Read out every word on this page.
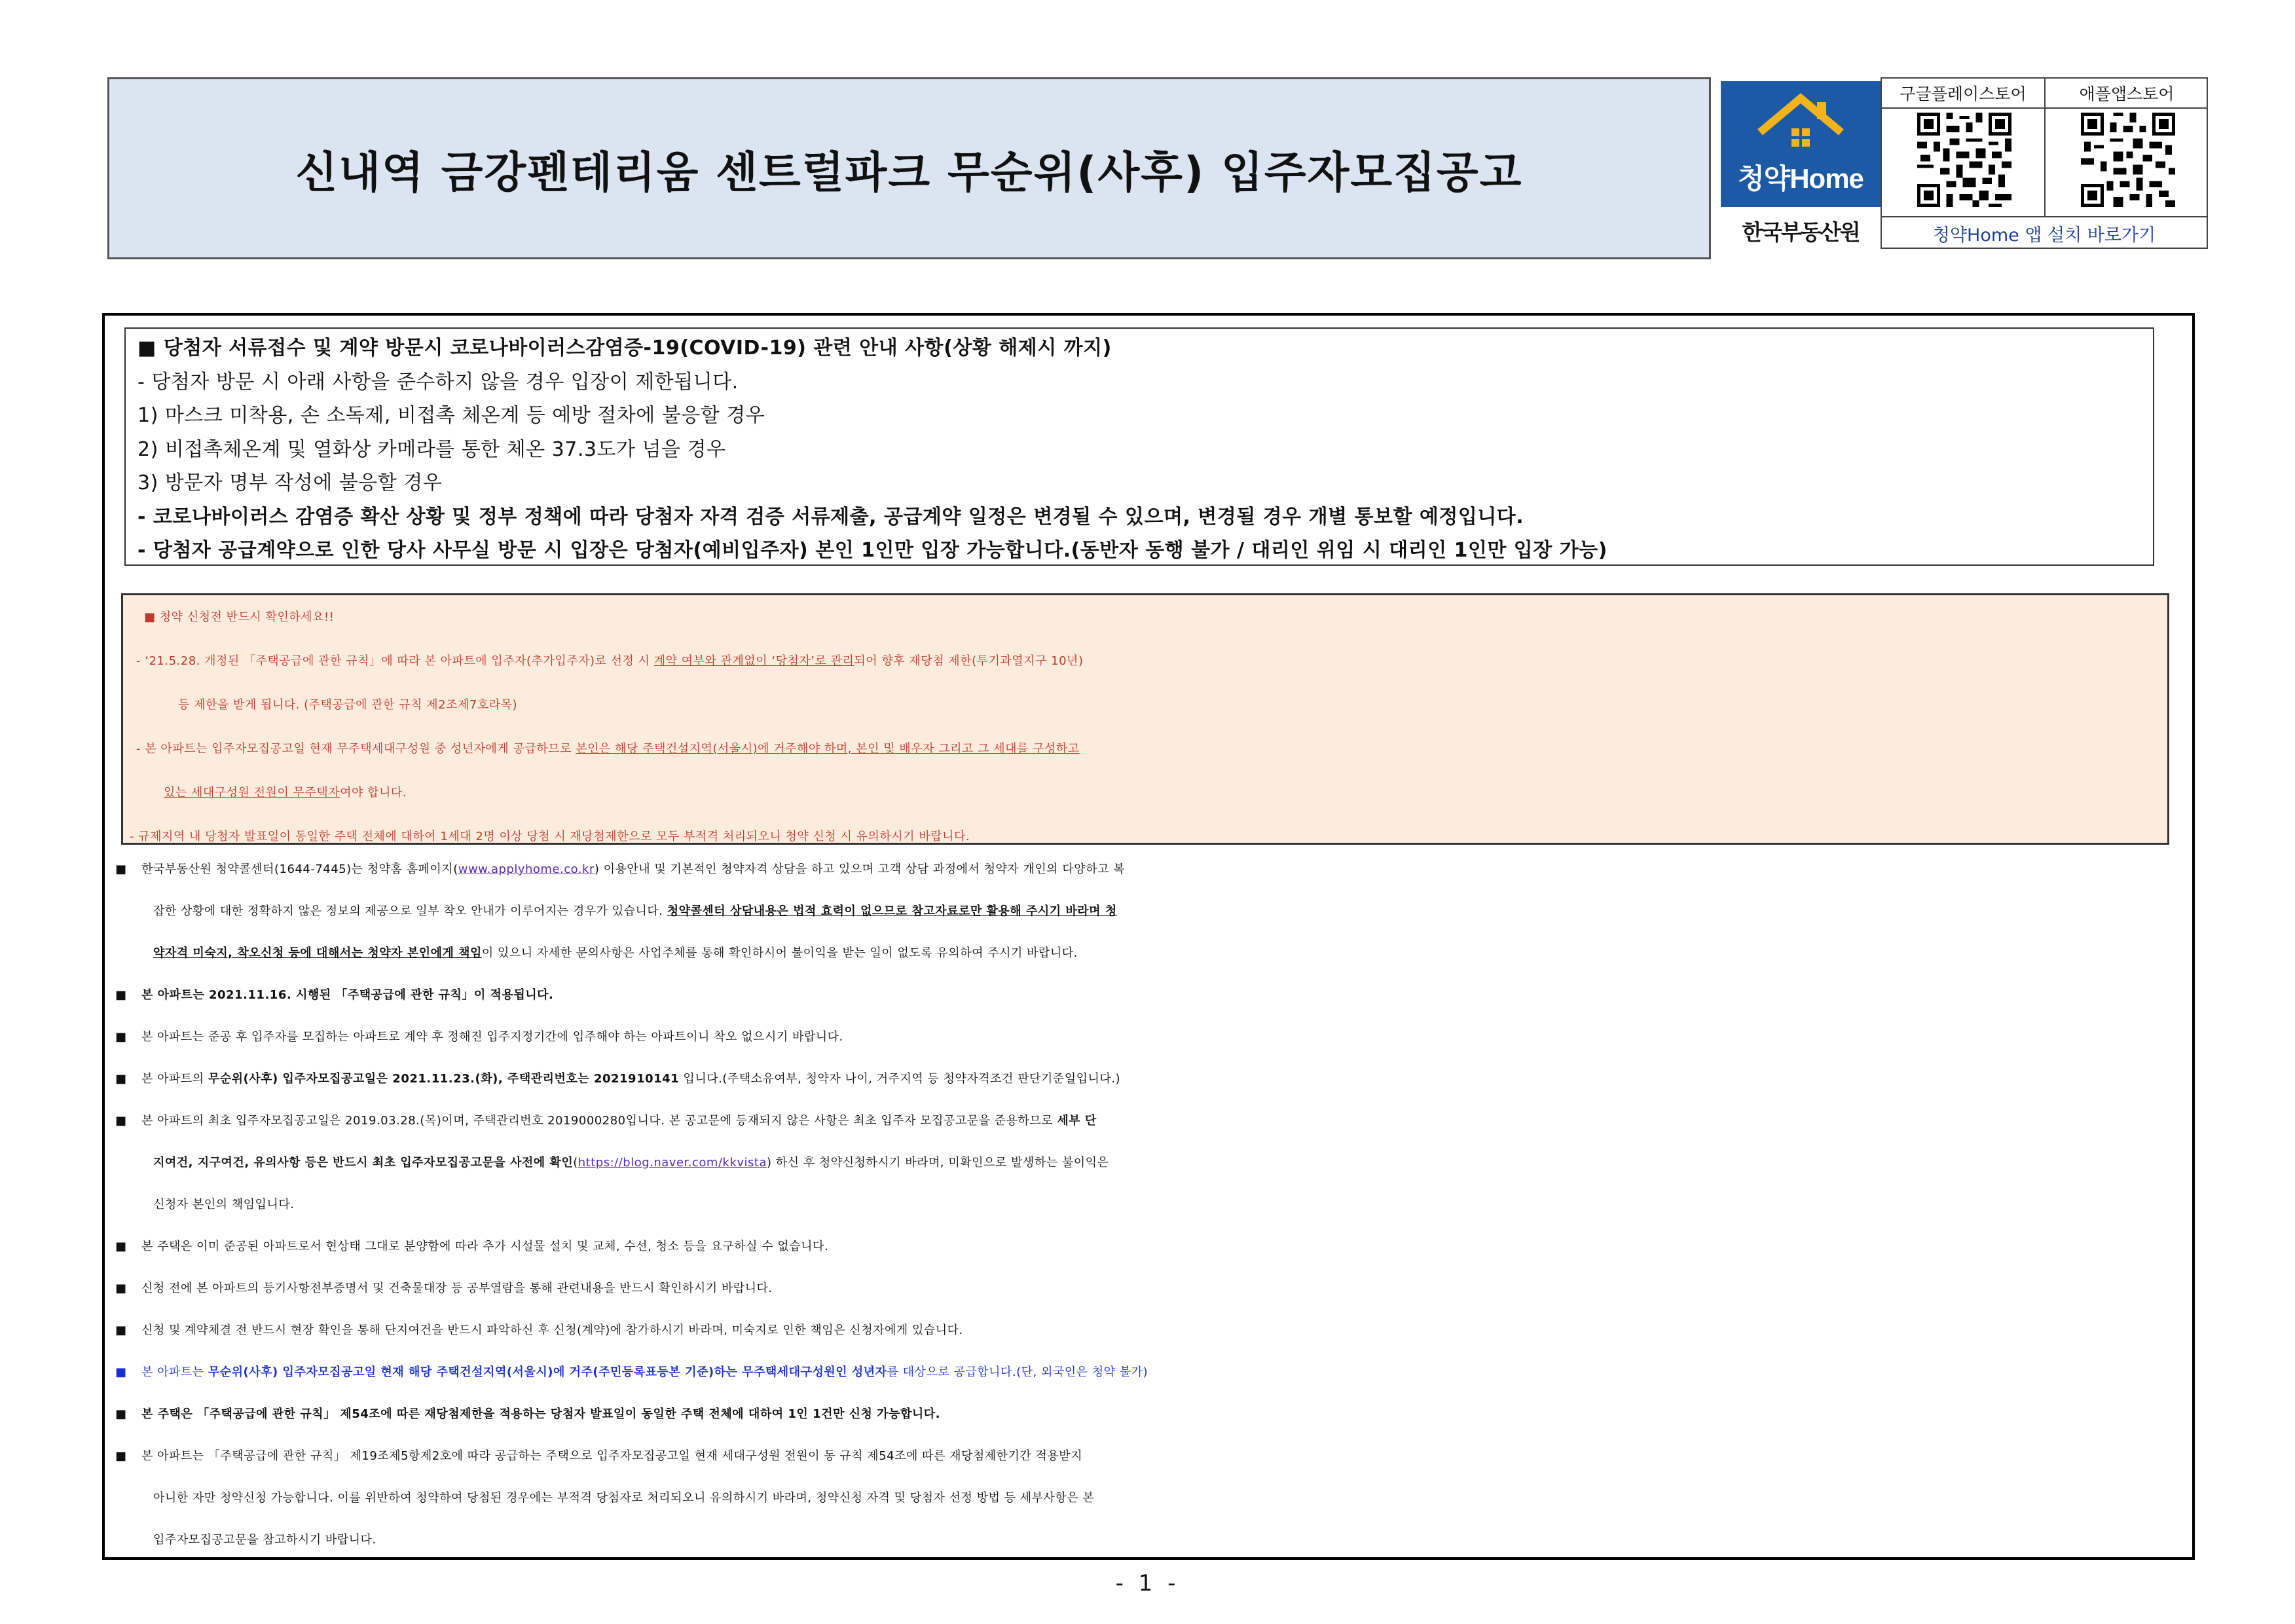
신내역 금강펜테리움 센트럴파크 무순위(사후) 입주자모집공고	청약Home
한국부동산원
구글플레이스토어	애플앱스토어
청약Home 앱 설치 바로가기
■ 당첨자 서류접수 및 계약 방문시 코로나바이러스감염증-19(COVID-19) 관련 안내 사항(상황 해제시 까지)
- 당첨자 방문 시 아래 사항을 준수하지 않을 경우 입장이 제한됩니다.
1) 마스크 미착용, 손 소독제, 비접촉 체온계 등 예방 절차에 불응할 경우
2) 비접촉체온계 및 열화상 카메라를 통한 체온 37.3도가 넘을 경우
3) 방문자 명부 작성에 불응할 경우
- 코로나바이러스 감염증 확산 상황 및 정부 정책에 따라 당첨자 자격 검증 서류제출, 공급계약 일정은 변경될 수 있으며, 변경될 경우 개별 통보할 예정입니다.
- 당첨자 공급계약으로 인한 당사 사무실 방문 시 입장은 당첨자(예비입주자) 본인 1인만 입장 가능합니다.(동반자 동행 불가 / 대리인 위임 시 대리인 1인만 입장 가능)
■ 청약 신청전 반드시 확인하세요!!
- ‘21.5.28. 개정된 「주택공급에 관한 규칙」에 따라 본 아파트에 입주자(추가입주자)로 선정 시 계약 여부와 관계없이 ‘당첨자’로 관리되어 향후 재당첨 제한(투기과열지구 10년)
등 제한을 받게 됩니다. (주택공급에 관한 규칙 제2조제7호라목)
- 본 아파트는 입주자모집공고일 현재 무주택세대구성원 중 성년자에게 공급하므로 본인은 해당 주택건설지역(서울시)에 거주해야 하며, 본인 및 배우자 그리고 그 세대를 구성하고
있는 세대구성원 전원이 무주택자여야 합니다.
- 규제지역 내 당첨자 발표일이 동일한 주택 전체에 대하여 1세대 2명 이상 당첨 시 재당첨제한으로 모두 부적격 처리되오니 청약 신청 시 유의하시기 바랍니다.
■ 한국부동산원 청약콜센터(1644-7445)는 청약홈 홈페이지(www.applyhome.co.kr) 이용안내 및 기본적인 청약자격 상담을 하고 있으며 고객 상담 과정에서 청약자 개인의 다양하고 복
잡한 상황에 대한 정확하지 않은 정보의 제공으로 일부 착오 안내가 이루어지는 경우가 있습니다. 청약콜센터 상담내용은 법적 효력이 없으므로 참고자료로만 활용해 주시기 바라며 청
약자격 미숙지, 착오신청 등에 대해서는 청약자 본인에게 책임이 있으니 자세한 문의사항은 사업주체를 통해 확인하시어 불이익을 받는 일이 없도록 유의하여 주시기 바랍니다.
■ 본 아파트는 2021.11.16. 시행된 「주택공급에 관한 규칙」이 적용됩니다.
■ 본 아파트는 준공 후 입주자를 모집하는 아파트로 계약 후 정해진 입주지정기간에 입주해야 하는 아파트이니 착오 없으시기 바랍니다.
■ 본 아파트의 무순위(사후) 입주자모집공고일은 2021.11.23.(화), 주택관리번호는 2021910141 입니다.(주택소유여부, 청약자 나이, 거주지역 등 청약자격조건 판단기준일입니다.)
■ 본 아파트의 최초 입주자모집공고일은 2019.03.28.(목)이며, 주택관리번호 2019000280입니다. 본 공고문에 등재되지 않은 사항은 최초 입주자 모집공고문을 준용하므로 세부 단
지여건, 지구여건, 유의사항 등은 반드시 최초 입주자모집공고문을 사전에 확인(https://blog.naver.com/kkvista) 하신 후 청약신청하시기 바라며, 미확인으로 발생하는 불이익은
신청자 본인의 책임입니다.
■ 본 주택은 이미 준공된 아파트로서 현상태 그대로 분양함에 따라 추가 시설물 설치 및 교체, 수선, 청소 등을 요구하실 수 없습니다.
■ 신청 전에 본 아파트의 등기사항전부증명서 및 건축물대장 등 공부열람을 통해 관련내용을 반드시 확인하시기 바랍니다.
■ 신청 및 계약체결 전 반드시 현장 확인을 통해 단지여건을 반드시 파악하신 후 신청(계약)에 참가하시기 바라며, 미숙지로 인한 책임은 신청자에게 있습니다.
■ 본 아파트는 무순위(사후) 입주자모집공고일 현재 해당 주택건설지역(서울시)에 거주(주민등록표등본 기준)하는 무주택세대구성원인 성년자를 대상으로 공급합니다.(단, 외국인은 청약 불가)
■ 본 주택은 「주택공급에 관한 규칙」 제54조에 따른 재당첨제한을 적용하는 당첨자 발표일이 동일한 주택 전체에 대하여 1인 1건만 신청 가능합니다.
■ 본 아파트는 「주택공급에 관한 규칙」 제19조제5항제2호에 따라 공급하는 주택으로 입주자모집공고일 현재 세대구성원 전원이 동 규칙 제54조에 따른 재당첨제한기간 적용받지
아니한 자만 청약신청 가능합니다. 이를 위반하여 청약하여 당첨된 경우에는 부적격 당첨자로 처리되오니 유의하시기 바라며, 청약신청 자격 및 당첨자 선정 방법 등 세부사항은 본
입주자모집공고문을 참고하시기 바랍니다.
- 1 -
